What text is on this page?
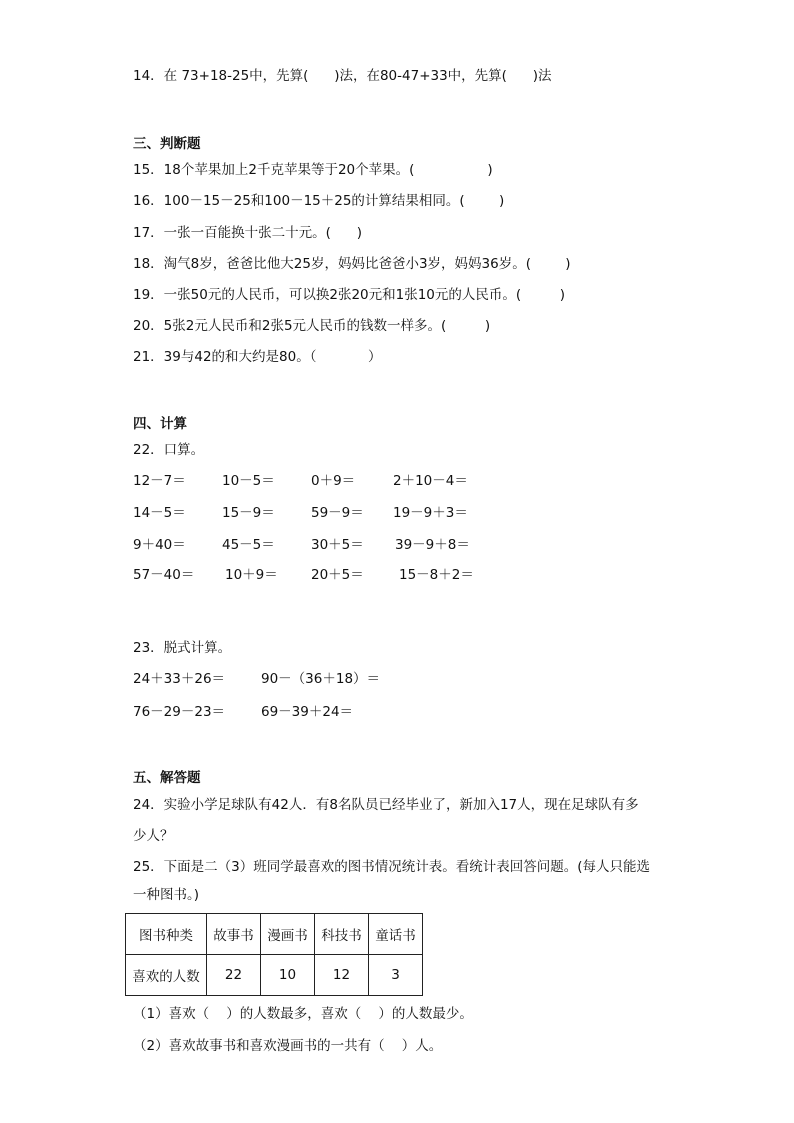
14．在 73+18-25中，先算(      )法，在80-47+33中，先算(      )法
三、判断题
15．18个苹果加上2千克苹果等于20个苹果。(                 )
16．100－15－25和100－15＋25的计算结果相同。(        )
17．一张一百能换十张二十元。(      )
18．淘气8岁，爸爸比他大25岁，妈妈比爸爸小3岁，妈妈36岁。(        )
19．一张50元的人民币，可以换2张20元和1张10元的人民币。(         )
20．5张2元人民币和2张5元人民币的钱数一样多。(         )
21．39与42的和大约是80。（            ）
四、计算
22．口算。
12－7＝	10－5＝	0＋9＝	2＋10－4＝
14－5＝	15－9＝	59－9＝ 19－9＋3＝
9＋40＝	45－5＝	30＋5＝ 39－9＋8＝
57－40＝ 10＋9＝ 20＋5＝	15－8＋2＝
23．脱式计算。
24＋33＋26＝	90－（36＋18）＝
76－29－23＝	69－39＋24＝
五、解答题
24．实验小学足球队有42人．有8名队员已经毕业了，新加入17人，现在足球队有多
少人？
25．下面是二（3）班同学最喜欢的图书情况统计表。看统计表回答问题。(每人只能选
一种图书。)
图书种类	故事书	漫画书	科技书	童话书
喜欢的人数	22	10	12	3
（1）喜欢（    ）的人数最多，喜欢（    ）的人数最少。
（2）喜欢故事书和喜欢漫画书的一共有（    ）人。
